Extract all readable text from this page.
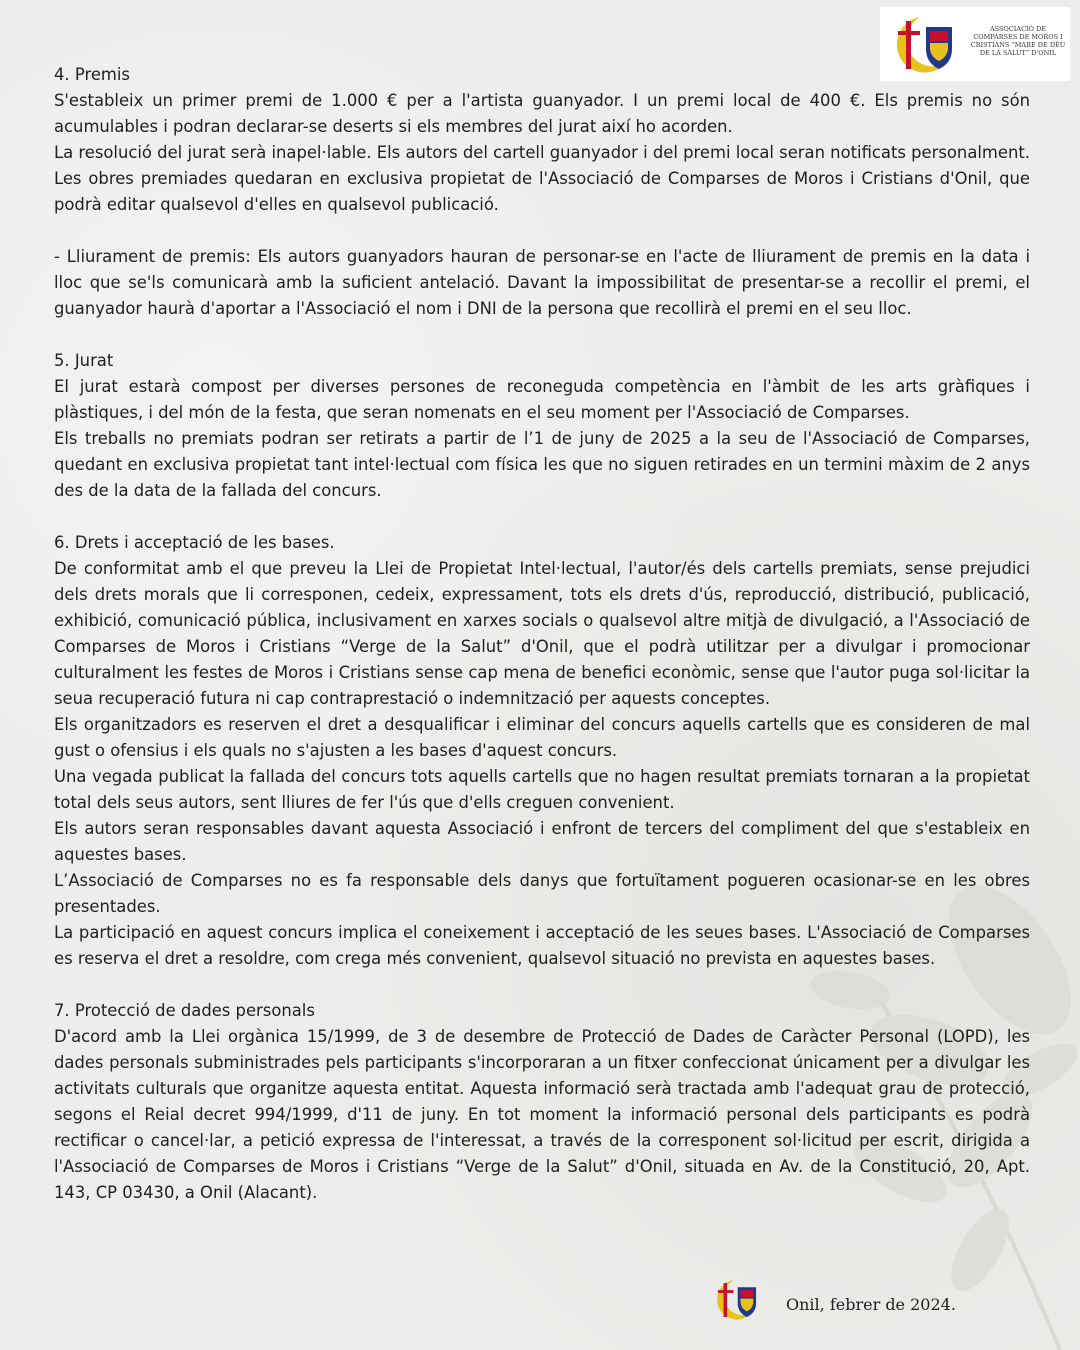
ASSOCIACIÓ DE COMPARSES DE MOROS I CRISTIANS “MARE DE DÉU DE LA SALUT” D'ONIL
4. Premis

S'estableix un primer premi de 1.000 € per a l'artista guanyador. I un premi local de 400 €. Els premis no són acumulables i podran declarar-se deserts si els membres del jurat així ho acorden.

La resolució del jurat serà inapel·lable. Els autors del cartell guanyador i del premi local seran notificats personalment. Les obres premiades quedaran en exclusiva propietat de l'Associació de Comparses de Moros i Cristians d'Onil, que podrà editar qualsevol d'elles en qualsevol publicació.

- Lliurament de premis: Els autors guanyadors hauran de personar-se en l'acte de lliurament de premis en la data i lloc que se'ls comunicarà amb la suficient antelació. Davant la impossibilitat de presentar-se a recollir el premi, el guanyador haurà d'aportar a l'Associació el nom i DNI de la persona que recollirà el premi en el seu lloc.

5. Jurat

El jurat estarà compost per diverses persones de reconeguda competència en l'àmbit de les arts gràfiques i plàstiques, i del món de la festa, que seran nomenats en el seu moment per l'Associació de Comparses.

Els treballs no premiats podran ser retirats a partir de l’1 de juny de 2025 a la seu de l'Associació de Comparses, quedant en exclusiva propietat tant intel·lectual com física les que no siguen retirades en un termini màxim de 2 anys des de la data de la fallada del concurs.

6. Drets i acceptació de les bases.

De conformitat amb el que preveu la Llei de Propietat Intel·lectual, l'autor/és dels cartells premiats, sense prejudici dels drets morals que li corresponen, cedeix, expressament, tots els drets d'ús, reproducció, distribució, publicació, exhibició, comunicació pública, inclusivament en xarxes socials o qualsevol altre mitjà de divulgació, a l'Associació de Comparses de Moros i Cristians “Verge de la Salut” d'Onil, que el podrà utilitzar per a divulgar i promocionar culturalment les festes de Moros i Cristians sense cap mena de benefici econòmic, sense que l'autor puga sol·licitar la seua recuperació futura ni cap contraprestació o indemnització per aquests conceptes.

Els organitzadors es reserven el dret a desqualificar i eliminar del concurs aquells cartells que es consideren de mal gust o ofensius i els quals no s'ajusten a les bases d'aquest concurs.

Una vegada publicat la fallada del concurs tots aquells cartells que no hagen resultat premiats tornaran a la propietat total dels seus autors, sent lliures de fer l'ús que d'ells creguen convenient.

Els autors seran responsables davant aquesta Associació i enfront de tercers del compliment del que s'estableix en aquestes bases.

L’Associació de Comparses no es fa responsable dels danys que fortuïtament pogueren ocasionar-se en les obres presentades.

La participació en aquest concurs implica el coneixement i acceptació de les seues bases. L'Associació de Comparses es reserva el dret a resoldre, com cregа més convenient, qualsevol situació no prevista en aquestes bases.

7. Protecció de dades personals

D'acord amb la Llei orgànica 15/1999, de 3 de desembre de Protecció de Dades de Caràcter Personal (LOPD), les dades personals subministrades pels participants s'incorporaran a un fitxer confeccionat únicament per a divulgar les activitats culturals que organitze aquesta entitat. Aquesta informació serà tractada amb l'adequat grau de protecció, segons el Reial decret 994/1999, d'11 de juny. En tot moment la informació personal dels participants es podrà rectificar o cancel·lar, a petició expressa de l'interessat, a través de la corresponent sol·licitud per escrit, dirigida a l'Associació de Comparses de Moros i Cristians “Verge de la Salut” d'Onil, situada en Av. de la Constitució, 20, Apt. 143, CP 03430, a Onil (Alacant).

Onil, febrer de 2024.
